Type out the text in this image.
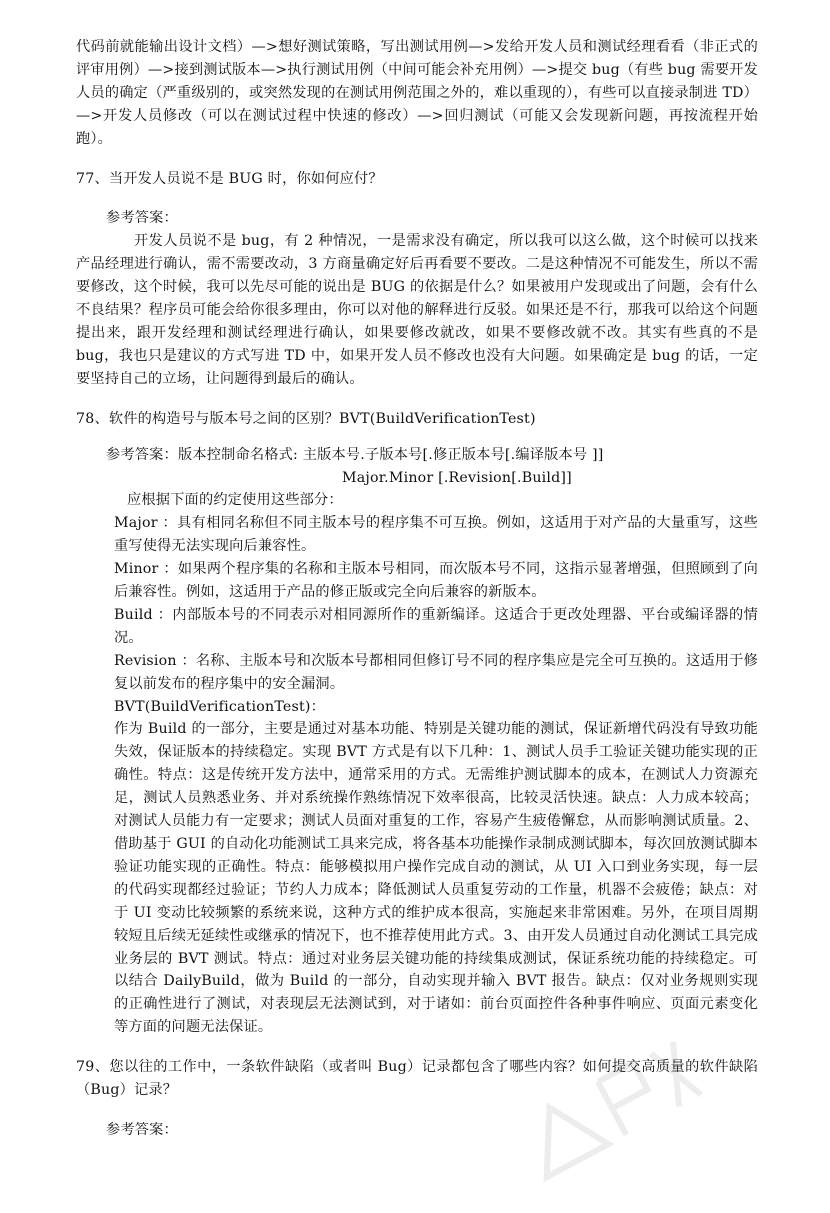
代码前就能输出设计文档）—>想好测试策略，写出测试用例—>发给开发人员和测试经理看看（非正式的评审用例）—>接到测试版本—>执行测试用例（中间可能会补充用例）—>提交 bug（有些 bug 需要开发人员的确定（严重级别的，或突然发现的在测试用例范围之外的，难以重现的），有些可以直接录制进 TD）—>开发人员修改（可以在测试过程中快速的修改）—>回归测试（可能又会发现新问题，再按流程开始跑）。

77、当开发人员说不是 BUG 时，你如何应付？

参考答案：

开发人员说不是 bug，有 2 种情况，一是需求没有确定，所以我可以这么做，这个时候可以找来产品经理进行确认，需不需要改动，3 方商量确定好后再看要不要改。二是这种情况不可能发生，所以不需要修改，这个时候，我可以先尽可能的说出是 BUG 的依据是什么？如果被用户发现或出了问题，会有什么不良结果？程序员可能会给你很多理由，你可以对他的解释进行反驳。如果还是不行，那我可以给这个问题提出来，跟开发经理和测试经理进行确认，如果要修改就改，如果不要修改就不改。其实有些真的不是 bug，我也只是建议的方式写进 TD 中，如果开发人员不修改也没有大问题。如果确定是 bug 的话，一定要坚持自己的立场，让问题得到最后的确认。

78、软件的构造号与版本号之间的区别？BVT(BuildVerificationTest)

参考答案：版本控制命名格式: 主版本号.子版本号[.修正版本号[.编译版本号 ]]

Major.Minor [.Revision[.Build]]

应根据下面的约定使用这些部分：

Major ：具有相同名称但不同主版本号的程序集不可互换。例如，这适用于对产品的大量重写，这些重写使得无法实现向后兼容性。

Minor ：如果两个程序集的名称和主版本号相同，而次版本号不同，这指示显著增强，但照顾到了向后兼容性。例如，这适用于产品的修正版或完全向后兼容的新版本。

Build ：内部版本号的不同表示对相同源所作的重新编译。这适合于更改处理器、平台或编译器的情况。

Revision ：名称、主版本号和次版本号都相同但修订号不同的程序集应是完全可互换的。这适用于修复以前发布的程序集中的安全漏洞。

BVT(BuildVerificationTest)：

作为 Build 的一部分，主要是通过对基本功能、特别是关键功能的测试，保证新增代码没有导致功能失效，保证版本的持续稳定。实现 BVT 方式是有以下几种：1、测试人员手工验证关键功能实现的正确性。特点：这是传统开发方法中，通常采用的方式。无需维护测试脚本的成本，在测试人力资源充足，测试人员熟悉业务、并对系统操作熟练情况下效率很高，比较灵活快速。缺点：人力成本较高；对测试人员能力有一定要求；测试人员面对重复的工作，容易产生疲倦懈怠，从而影响测试质量。2、借助基于 GUI 的自动化功能测试工具来完成，将各基本功能操作录制成测试脚本，每次回放测试脚本验证功能实现的正确性。特点：能够模拟用户操作完成自动的测试，从 UI 入口到业务实现，每一层的代码实现都经过验证；节约人力成本；降低测试人员重复劳动的工作量，机器不会疲倦；缺点：对于 UI 变动比较频繁的系统来说，这种方式的维护成本很高，实施起来非常困难。另外，在项目周期较短且后续无延续性或继承的情况下，也不推荐使用此方式。3、由开发人员通过自动化测试工具完成业务层的 BVT 测试。特点：通过对业务层关键功能的持续集成测试，保证系统功能的持续稳定。可以结合 DailyBuild，做为 Build 的一部分，自动实现并输入 BVT 报告。缺点：仅对业务规则实现的正确性进行了测试，对表现层无法测试到，对于诸如：前台页面控件各种事件响应、页面元素变化等方面的问题无法保证。

79、您以往的工作中，一条软件缺陷（或者叫 Bug）记录都包含了哪些内容？如何提交高质量的软件缺陷（Bug）记录？

参考答案：
